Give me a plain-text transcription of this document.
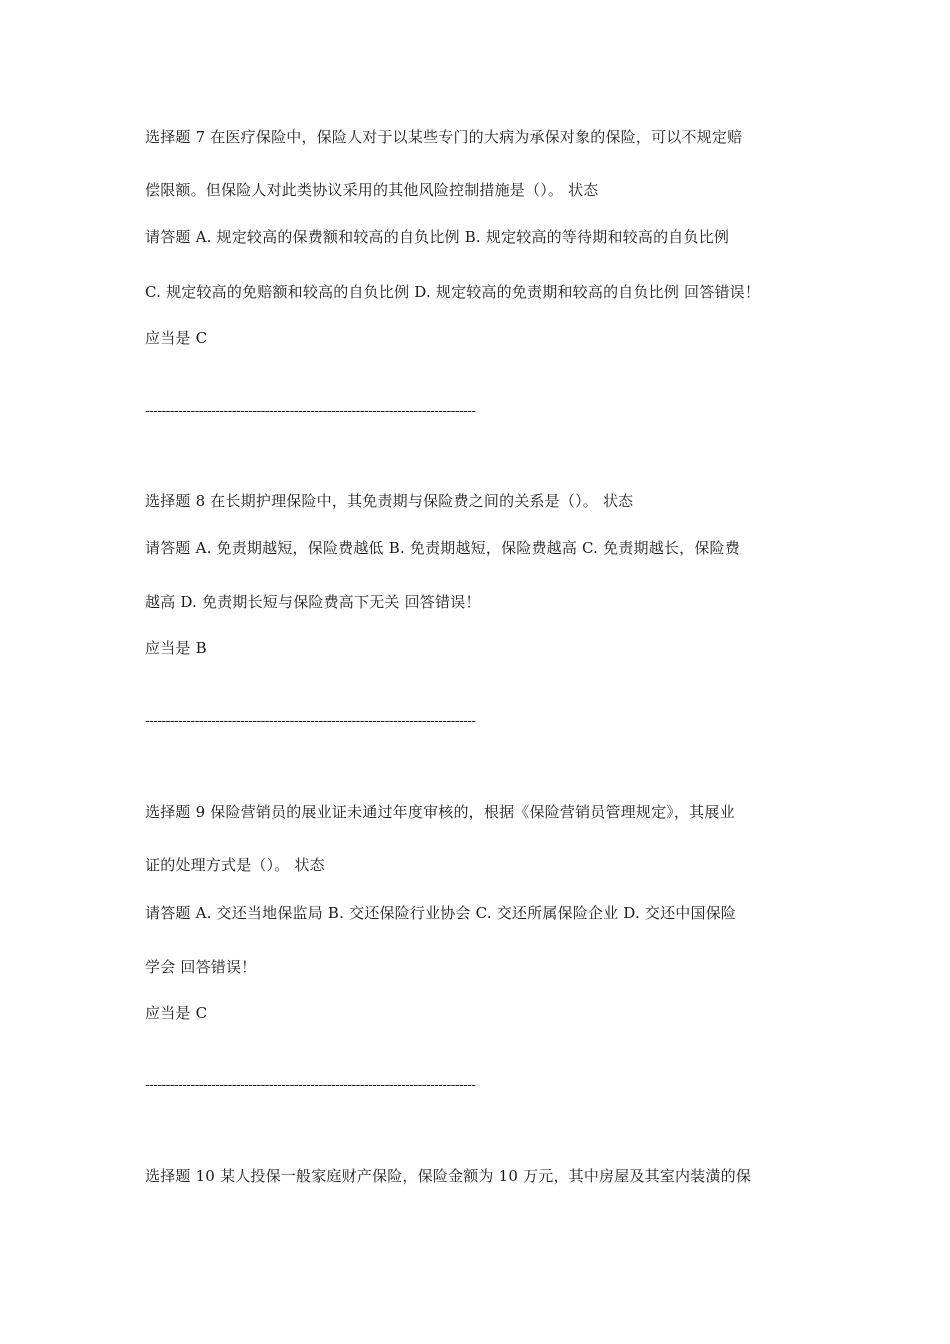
选择题 7 在医疗保险中，保险人对于以某些专门的大病为承保对象的保险，可以不规定赔
偿限额。但保险人对此类协议采用的其他风险控制措施是（）。 状态
请答题 A. 规定较高的保费额和较高的自负比例 B. 规定较高的等待期和较高的自负比例
C. 规定较高的免赔额和较高的自负比例 D. 规定较高的免责期和较高的自负比例 回答错误！
应当是 C
--------------------------------------------------------------------------------
选择题 8 在长期护理保险中，其免责期与保险费之间的关系是（）。 状态
请答题 A. 免责期越短，保险费越低 B. 免责期越短，保险费越高 C. 免责期越长，保险费
越高 D. 免责期长短与保险费高下无关 回答错误！
应当是 B
--------------------------------------------------------------------------------
选择题 9 保险营销员的展业证未通过年度审核的，根据《保险营销员管理规定》，其展业
证的处理方式是（）。 状态
请答题 A. 交还当地保监局 B. 交还保险行业协会 C. 交还所属保险企业 D. 交还中国保险
学会 回答错误！
应当是 C
--------------------------------------------------------------------------------
选择题 10 某人投保一般家庭财产保险，保险金额为 10 万元，其中房屋及其室内装潢的保
